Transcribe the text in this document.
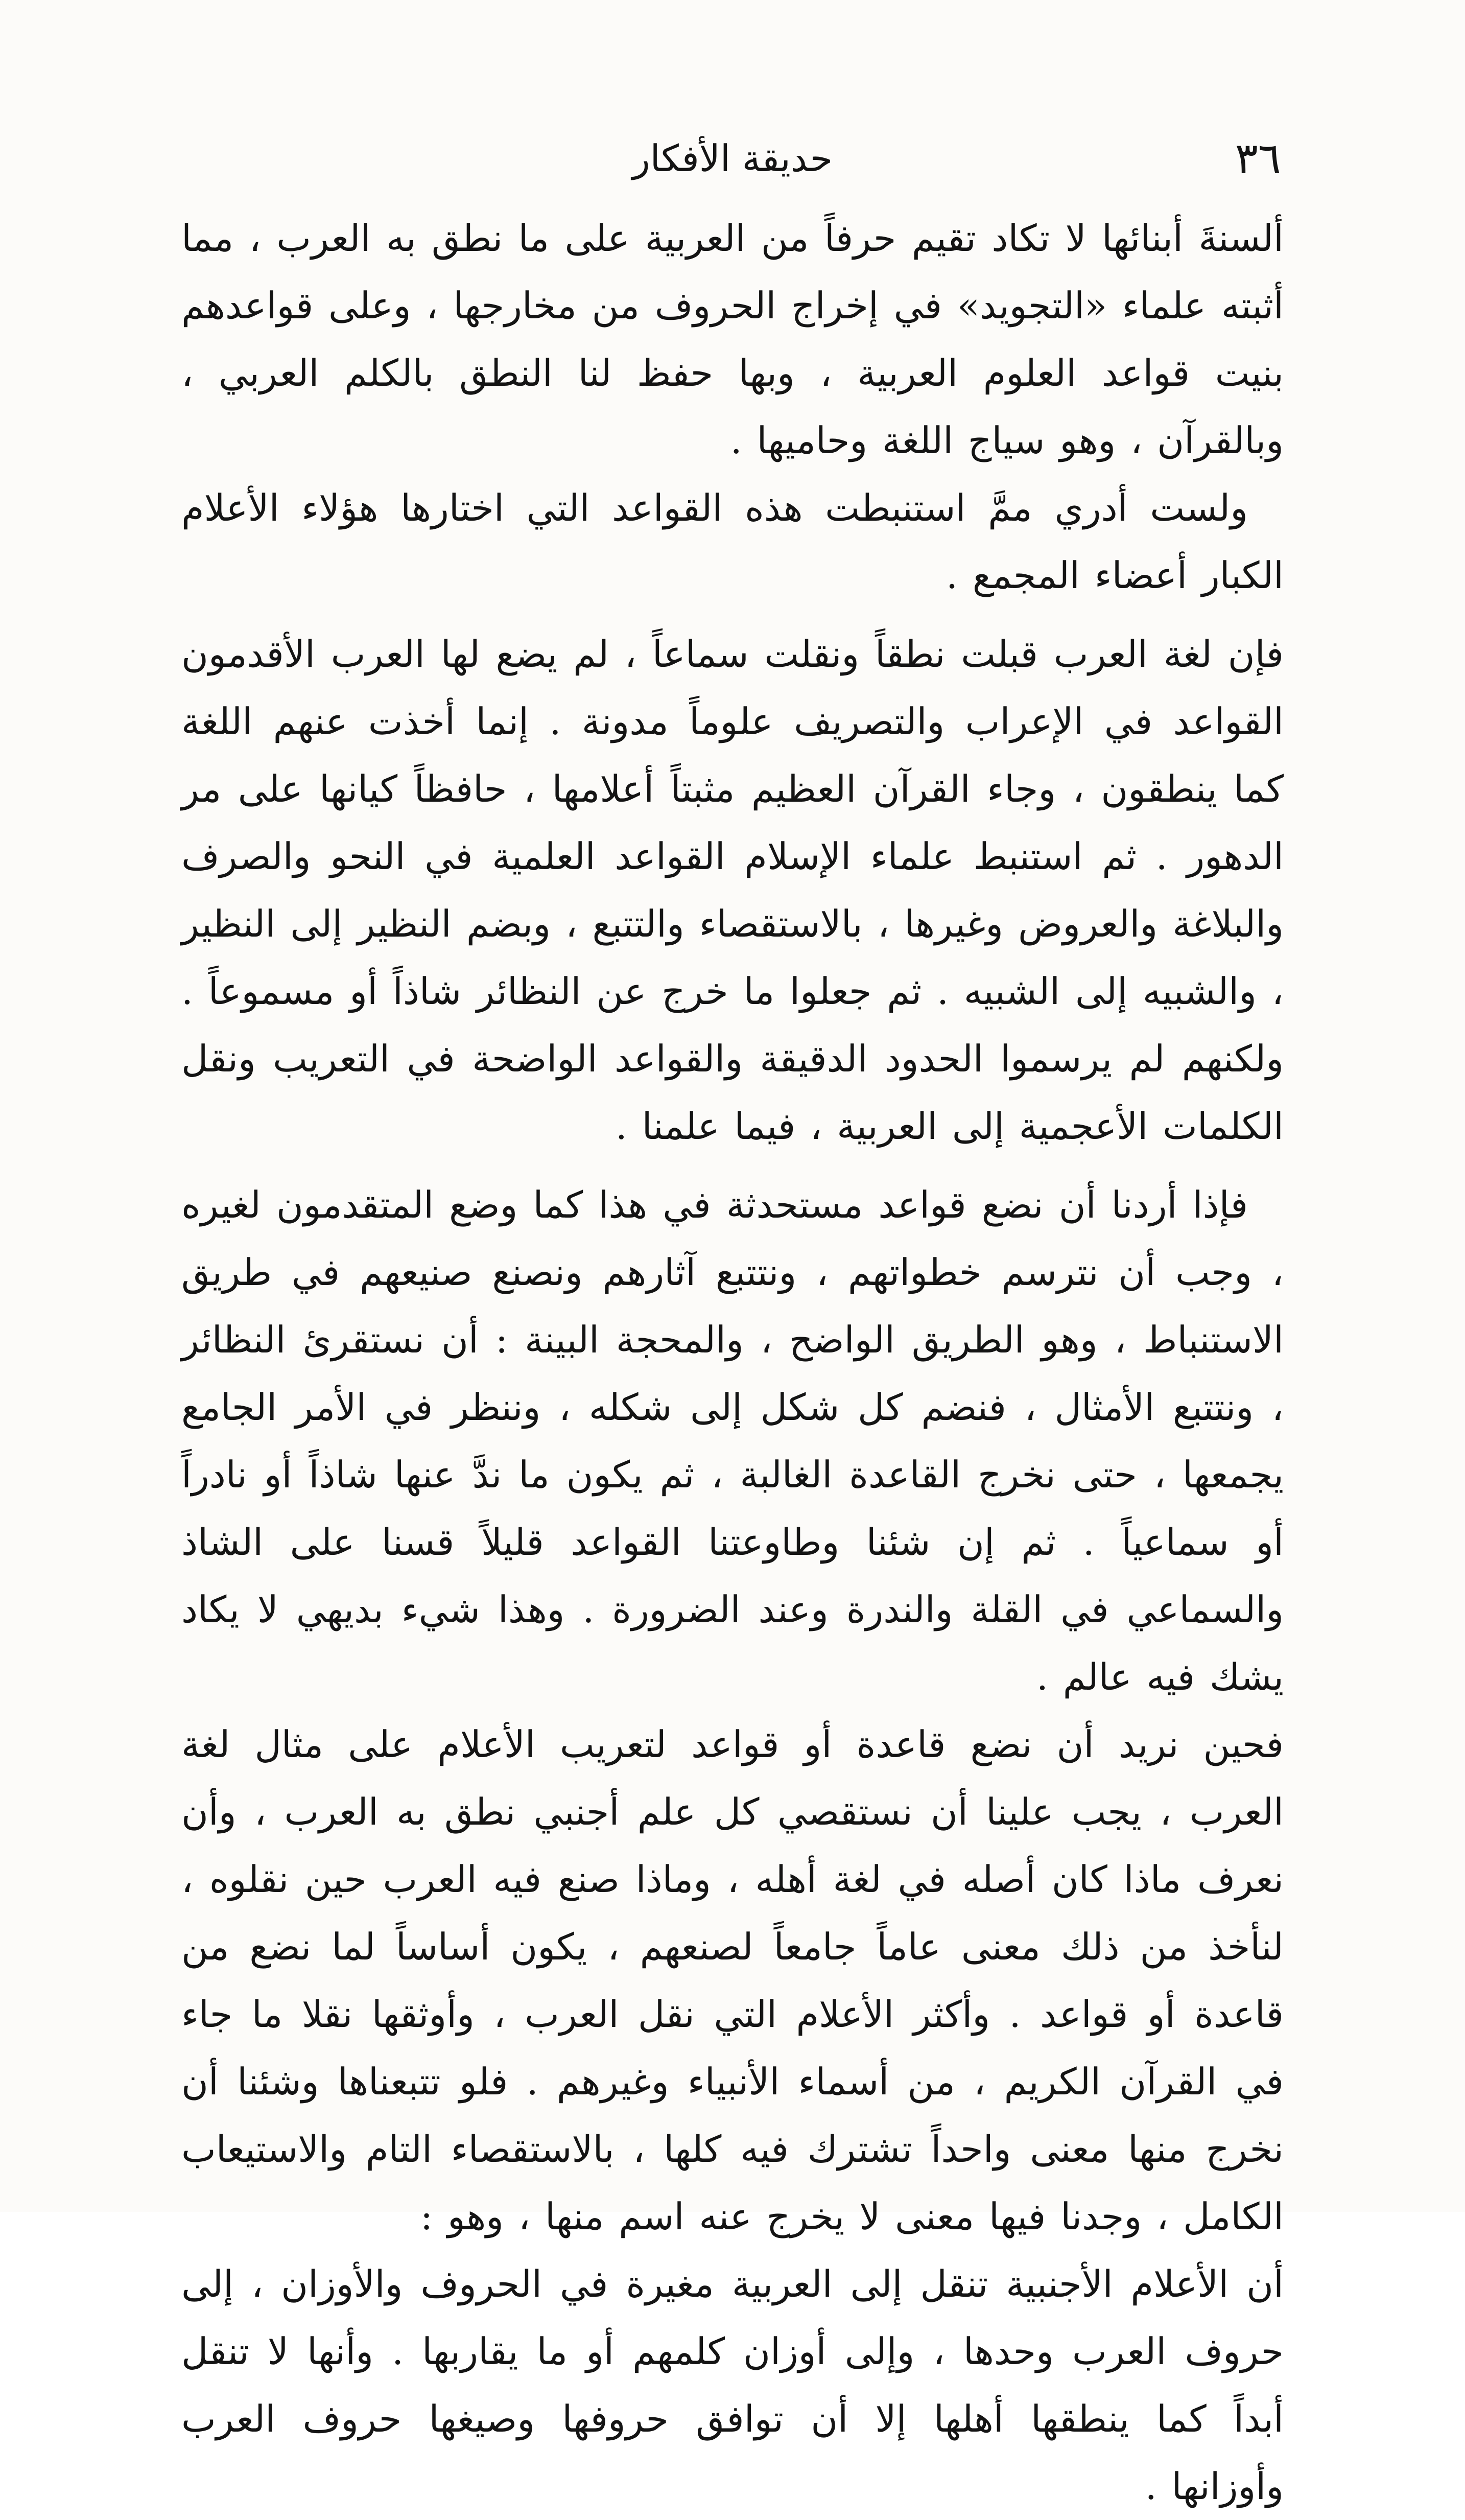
٣٦
حديقة الأفكار

ألسنةَ أبنائها لا تكاد تقيم حرفاً من العربية على ما نطق به العرب ، مما أثبته علماء «التجويد» في إخراج الحروف من مخارجها ، وعلى قواعدهم بنيت قواعد العلوم العربية ، وبها حفظ لنا النطق بالكلم العربي ، وبالقرآن ، وهو سياج اللغة وحاميها .

ولست أدري ممَّ استنبطت هذه القواعد التي اختارها هؤلاء الأعلام الكبار أعضاء المجمع .

فإن لغة العرب قبلت نطقاً ونقلت سماعاً ، لم يضع لها العرب الأقدمون القواعد في الإعراب والتصريف علوماً مدونة . إنما أخذت عنهم اللغة كما ينطقون ، وجاء القرآن العظيم مثبتاً أعلامها ، حافظاً كيانها على مر الدهور . ثم استنبط علماء الإسلام القواعد العلمية في النحو والصرف والبلاغة والعروض وغيرها ، بالاستقصاء والتتبع ، وبضم النظير إلى النظير ، والشبيه إلى الشبيه . ثم جعلوا ما خرج عن النظائر شاذاً أو مسموعاً . ولكنهم لم يرسموا الحدود الدقيقة والقواعد الواضحة في التعريب ونقل الكلمات الأعجمية إلى العربية ، فيما علمنا .

فإذا أردنا أن نضع قواعد مستحدثة في هذا كما وضع المتقدمون لغيره ، وجب أن نترسم خطواتهم ، ونتتبع آثارهم ونصنع صنيعهم في طريق الاستنباط ، وهو الطريق الواضح ، والمحجة البينة : أن نستقرئ النظائر ، ونتتبع الأمثال ، فنضم كل شكل إلى شكله ، وننظر في الأمر الجامع يجمعها ، حتى نخرج القاعدة الغالبة ، ثم يكون ما ندَّ عنها شاذاً أو نادراً أو سماعياً . ثم إن شئنا وطاوعتنا القواعد قليلاً قسنا على الشاذ والسماعي في القلة والندرة وعند الضرورة . وهذا شيء بديهي لا يكاد يشك فيه عالم .

فحين نريد أن نضع قاعدة أو قواعد لتعريب الأعلام على مثال لغة العرب ، يجب علينا أن نستقصي كل علم أجنبي نطق به العرب ، وأن نعرف ماذا كان أصله في لغة أهله ، وماذا صنع فيه العرب حين نقلوه ، لنأخذ من ذلك معنى عاماً جامعاً لصنعهم ، يكون أساساً لما نضع من قاعدة أو قواعد . وأكثر الأعلام التي نقل العرب ، وأوثقها نقلا ما جاء في القرآن الكريم ، من أسماء الأنبياء وغيرهم . فلو تتبعناها وشئنا أن نخرج منها معنى واحداً تشترك فيه كلها ، بالاستقصاء التام والاستيعاب الكامل ، وجدنا فيها معنى لا يخرج عنه اسم منها ، وهو :

أن الأعلام الأجنبية تنقل إلى العربية مغيرة في الحروف والأوزان ، إلى حروف العرب وحدها ، وإلى أوزان كلمهم أو ما يقاربها . وأنها لا تنقل أبداً كما ينطقها أهلها إلا أن توافق حروفها وصيغها حروف العرب وأوزانها .
